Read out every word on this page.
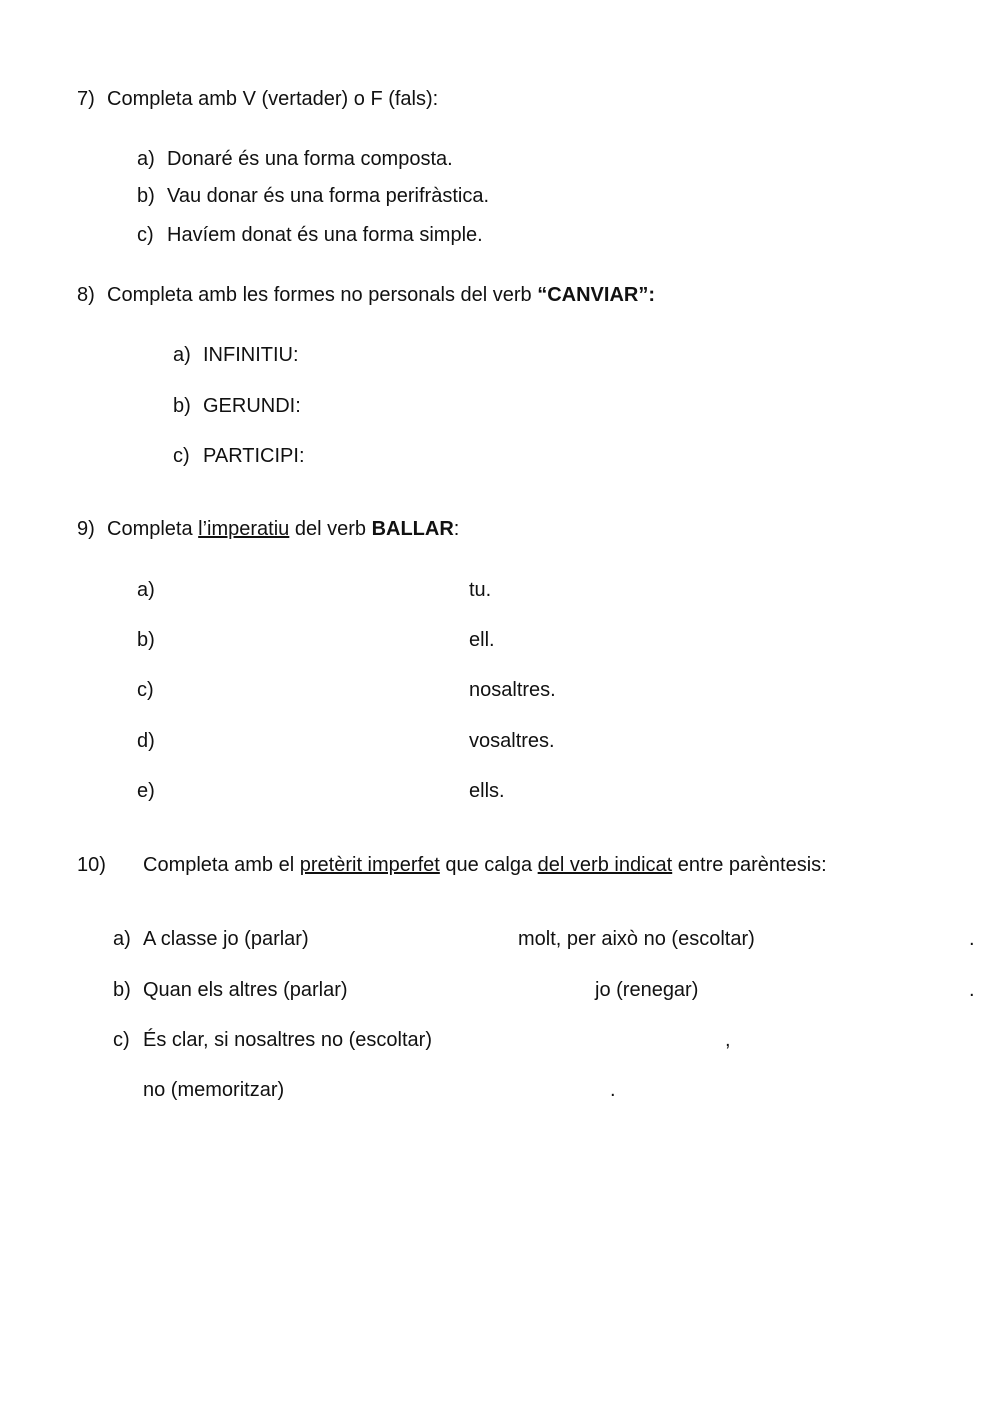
7) Completa amb V (vertader) o F (fals):
a) Donaré és una forma composta.
b) Vau donar és una forma perifràstica.
c) Havíem donat és una forma simple.
8) Completa amb les formes no personals del verb “CANVIAR”:
a) INFINITIU:
b) GERUNDI:
c) PARTICIPI:
9) Completa l’imperatiu del verb BALLAR:
a)	tu.
b)	ell.
c)	nosaltres.
d)	vosaltres.
e)	ells.
10) Completa amb el pretèrit imperfet que calga del verb indicat entre parèntesis:
a) A classe jo (parlar)	molt, per això no (escoltar)	.
b) Quan els altres (parlar)	jo (renegar)	.
c) És clar, si nosaltres no (escoltar)	,
no (memoritzar)	.
